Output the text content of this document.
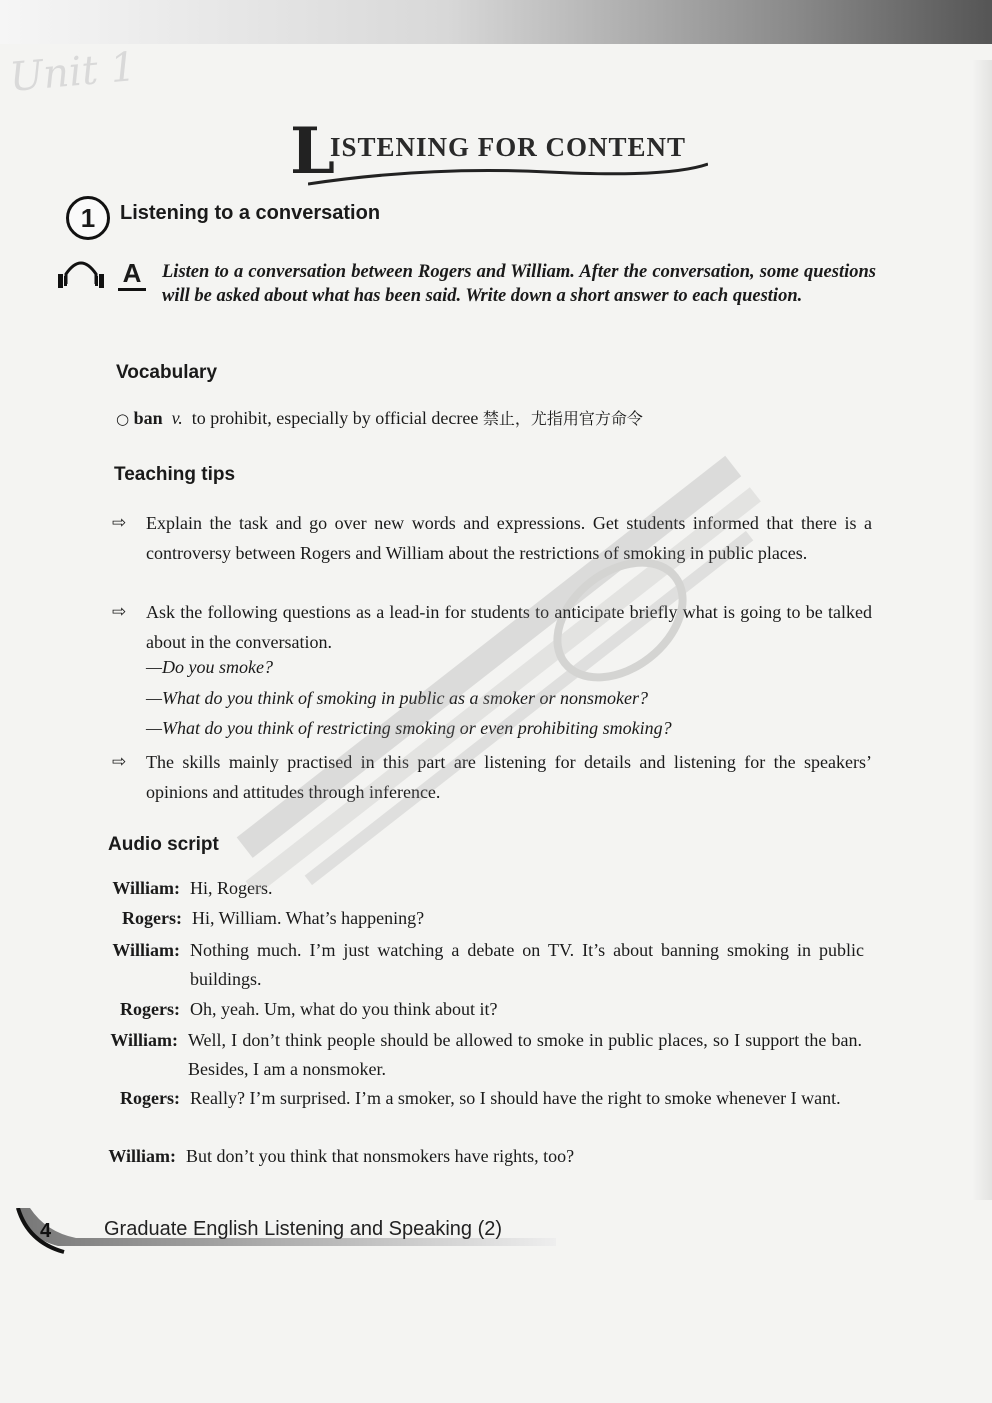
Unit 1
L
ISTENING FOR CONTENT
1	Listening to a conversation
A Listen to a conversation between Rogers and William. After the conversation, some questions will be asked about what has been said. Write down a short answer to each question.
Vocabulary
○ ban v. to prohibit, especially by official decree 禁止，尤指用官方命令
Teaching tips
⇨ Explain the task and go over new words and expressions. Get students informed that there is a controversy between Rogers and William about the restrictions of smoking in public places.
⇨ Ask the following questions as a lead-in for students to anticipate briefly what is going to be talked about in the conversation.
—Do you smoke?
—What do you think of smoking in public as a smoker or nonsmoker?
—What do you think of restricting smoking or even prohibiting smoking?
⇨ The skills mainly practised in this part are listening for details and listening for the speakers’ opinions and attitudes through inference.
Audio script
William: Hi, Rogers.
Rogers: Hi, William. What’s happening?
William: Nothing much. I’m just watching a debate on TV. It’s about banning smoking in public buildings.
Rogers: Oh, yeah. Um, what do you think about it?
William: Well, I don’t think people should be allowed to smoke in public places, so I support the ban. Besides, I am a nonsmoker.
Rogers: Really? I’m surprised. I’m a smoker, so I should have the right to smoke whenever I want.
William: But don’t you think that nonsmokers have rights, too?
4	Graduate English Listening and Speaking (2)
